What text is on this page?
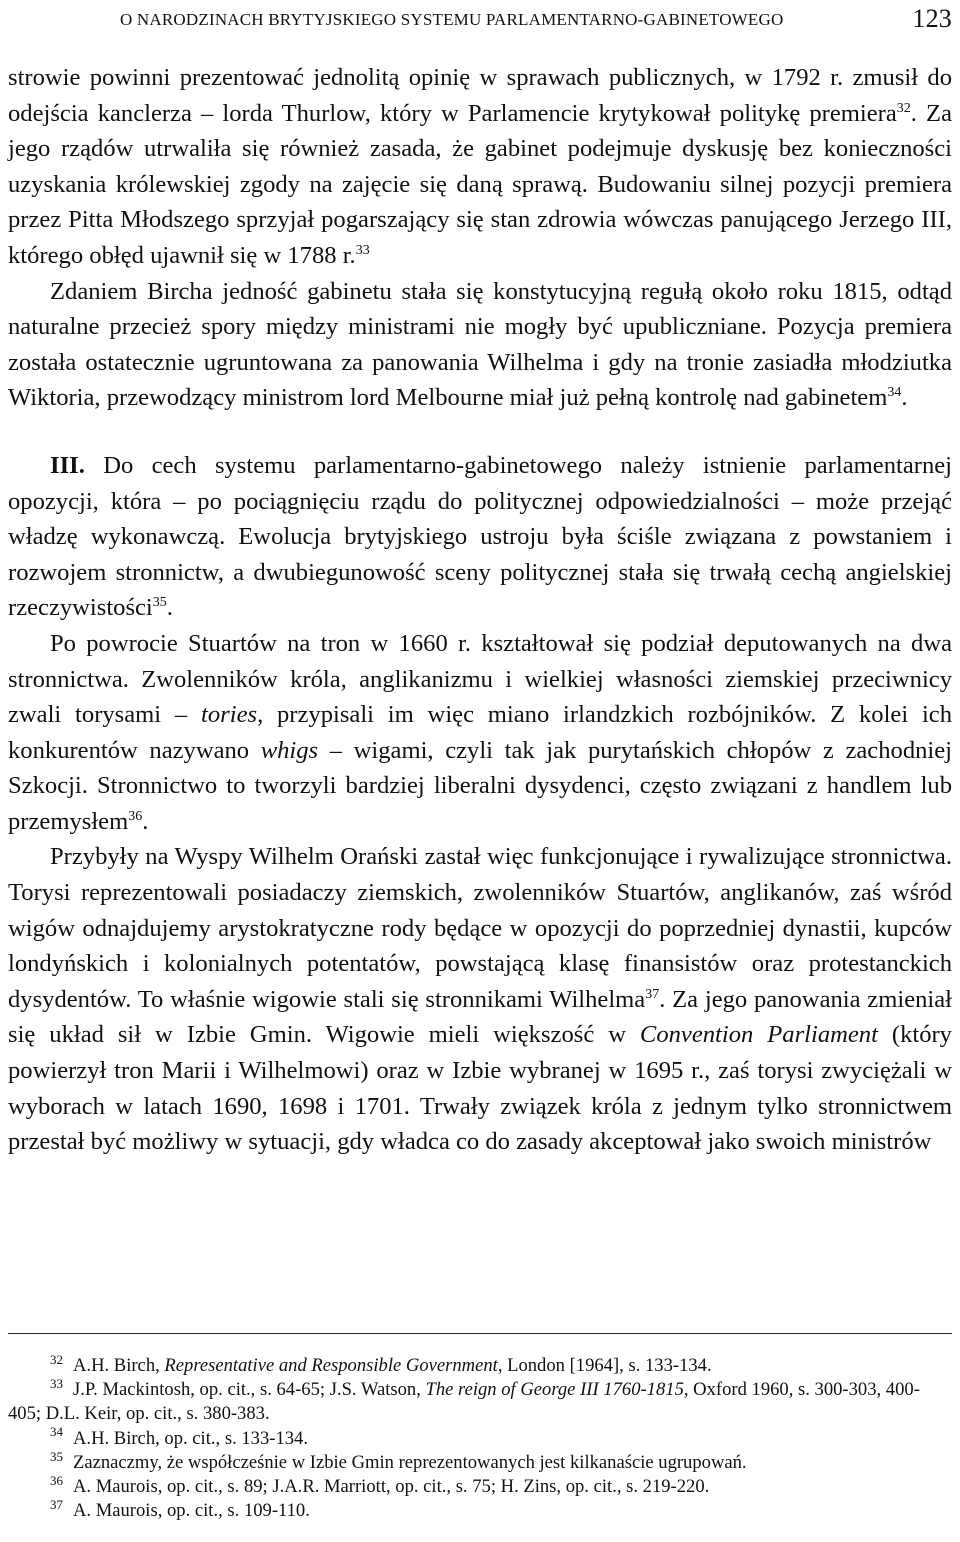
O NARODZINACH BRYTYJSKIEGO SYSTEMU PARLAMENTARNO-GABINETOWEGO	123

strowie powinni prezentować jednolitą opinię w sprawach publicznych, w 1792 r. zmusił do odejścia kanclerza – lorda Thurlow, który w Parlamencie krytykował politykę premiera$^{32}$. Za jego rządów utrwaliła się również zasada, że gabinet podejmuje dyskusję bez konieczności uzyskania królewskiej zgody na zajęcie się daną sprawą. Budowaniu silnej pozycji premiera przez Pitta Młodszego sprzyjał pogarszający się stan zdrowia wówczas panującego Jerzego III, którego obłęd ujawnił się w 1788 r.$^{33}$

Zdaniem Bircha jedność gabinetu stała się konstytucyjną regułą około roku 1815, odtąd naturalne przecież spory między ministrami nie mogły być upubliczniane. Pozycja premiera została ostatecznie ugruntowana za panowania Wilhelma i gdy na tronie zasiadła młodziutka Wiktoria, przewodzący ministrom lord Melbourne miał już pełną kontrolę nad gabinetem$^{34}$.

III. Do cech systemu parlamentarno-gabinetowego należy istnienie parlamentarnej opozycji, która – po pociągnięciu rządu do politycznej odpowiedzialności – może przejąć władzę wykonawczą. Ewolucja brytyjskiego ustroju była ściśle związana z powstaniem i rozwojem stronnictw, a dwubiegunowość sceny politycznej stała się trwałą cechą angielskiej rzeczywistości$^{35}$.

Po powrocie Stuartów na tron w 1660 r. kształtował się podział deputowanych na dwa stronnictwa. Zwolenników króla, anglikanizmu i wielkiej własności ziemskiej przeciwnicy zwali torysami – tories, przypisali im więc miano irlandzkich rozbójników. Z kolei ich konkurentów nazywano whigs – wigami, czyli tak jak purytańskich chłopów z zachodniej Szkocji. Stronnictwo to tworzyli bardziej liberalni dysydenci, często związani z handlem lub przemysłem$^{36}$.

Przybyły na Wyspy Wilhelm Orański zastał więc funkcjonujące i rywalizujące stronnictwa. Torysi reprezentowali posiadaczy ziemskich, zwolenników Stuartów, anglikanów, zaś wśród wigów odnajdujemy arystokratyczne rody będące w opozycji do poprzedniej dynastii, kupców londyńskich i kolonialnych potentatów, powstającą klasę finansistów oraz protestanckich dysydentów. To właśnie wigowie stali się stronnikami Wilhelma$^{37}$. Za jego panowania zmieniał się układ sił w Izbie Gmin. Wigowie mieli większość w Convention Parliament (który powierzył tron Marii i Wilhelmowi) oraz w Izbie wybranej w 1695 r., zaś torysi zwyciężali w wyborach w latach 1690, 1698 i 1701. Trwały związek króla z jednym tylko stronnictwem przestał być możliwy w sytuacji, gdy władca co do zasady akceptował jako swoich ministrów

$^{32}$ A.H. Birch, Representative and Responsible Government, London [1964], s. 133-134.

$^{33}$ J.P. Mackintosh, op. cit., s. 64-65; J.S. Watson, The reign of George III 1760-1815, Oxford 1960, s. 300-303, 400-405; D.L. Keir, op. cit., s. 380-383.

$^{34}$ A.H. Birch, op. cit., s. 133-134.

$^{35}$ Zaznaczmy, że współcześnie w Izbie Gmin reprezentowanych jest kilkanaście ugrupowań.

$^{36}$ A. Maurois, op. cit., s. 89; J.A.R. Marriott, op. cit., s. 75; H. Zins, op. cit., s. 219-220.

$^{37}$ A. Maurois, op. cit., s. 109-110.
